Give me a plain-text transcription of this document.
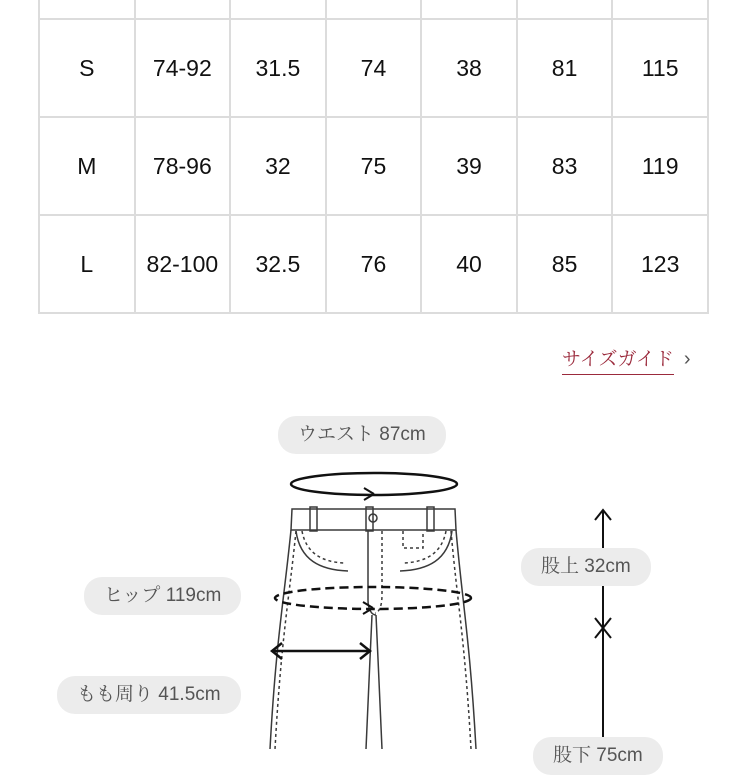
S	74-92	31.5	74	38	81	115
M	78-96	32	75	39	83	119
L	82-100	32.5	76	40	85	123
サイズガイド ›
ウエスト 87cm
股上 32cm
ヒップ 119cm
もも周り 41.5cm
股下 75cm
